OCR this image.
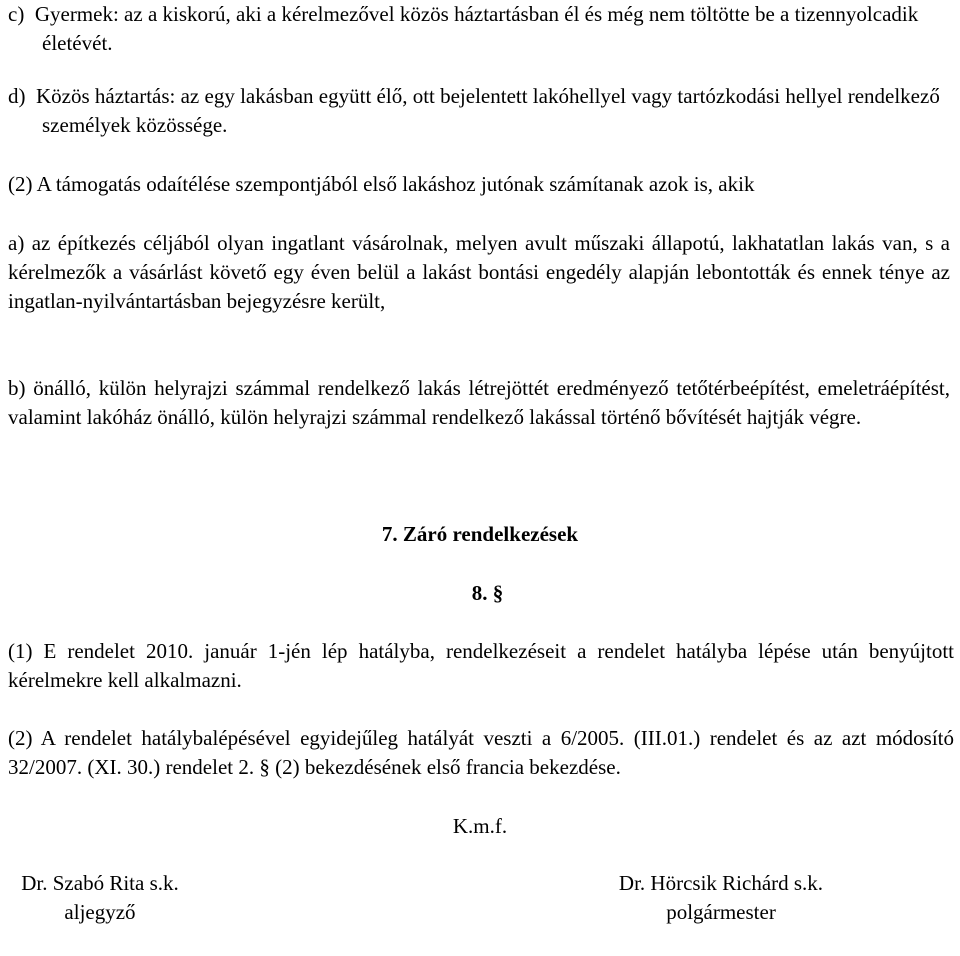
c) Gyermek: az a kiskorú, aki a kérelmezővel közös háztartásban él és még nem töltötte be a tizennyolcadik életévét.
d) Közös háztartás: az egy lakásban együtt élő, ott bejelentett lakóhellyel vagy tartózkodási hellyel rendelkező személyek közössége.
(2) A támogatás odaítélése szempontjából első lakáshoz jutónak számítanak azok is, akik
a) az építkezés céljából olyan ingatlant vásárolnak, melyen avult műszaki állapotú, lakhatatlan lakás van, s a kérelmezők a vásárlást követő egy éven belül a lakást bontási engedély alapján lebontották és ennek ténye az ingatlan-nyilvántartásban bejegyzésre került,
b) önálló, külön helyrajzi számmal rendelkező lakás létrejöttét eredményező tetőtérbeépítést, emeletráépítést, valamint lakóház önálló, külön helyrajzi számmal rendelkező lakással történő bővítését hajtják végre.
7. Záró rendelkezések
8. §
(1) E rendelet 2010. január 1-jén lép hatályba, rendelkezéseit a rendelet hatályba lépése után benyújtott kérelmekre kell alkalmazni.
(2) A rendelet hatálybalépésével egyidejűleg hatályát veszti a 6/2005. (III.01.) rendelet és az azt módosító 32/2007. (XI. 30.) rendelet 2. § (2) bekezdésének első francia bekezdése.
K.m.f.
Dr. Szabó Rita s.k.
aljegyző
Dr. Hörcsik Richárd s.k.
polgármester
